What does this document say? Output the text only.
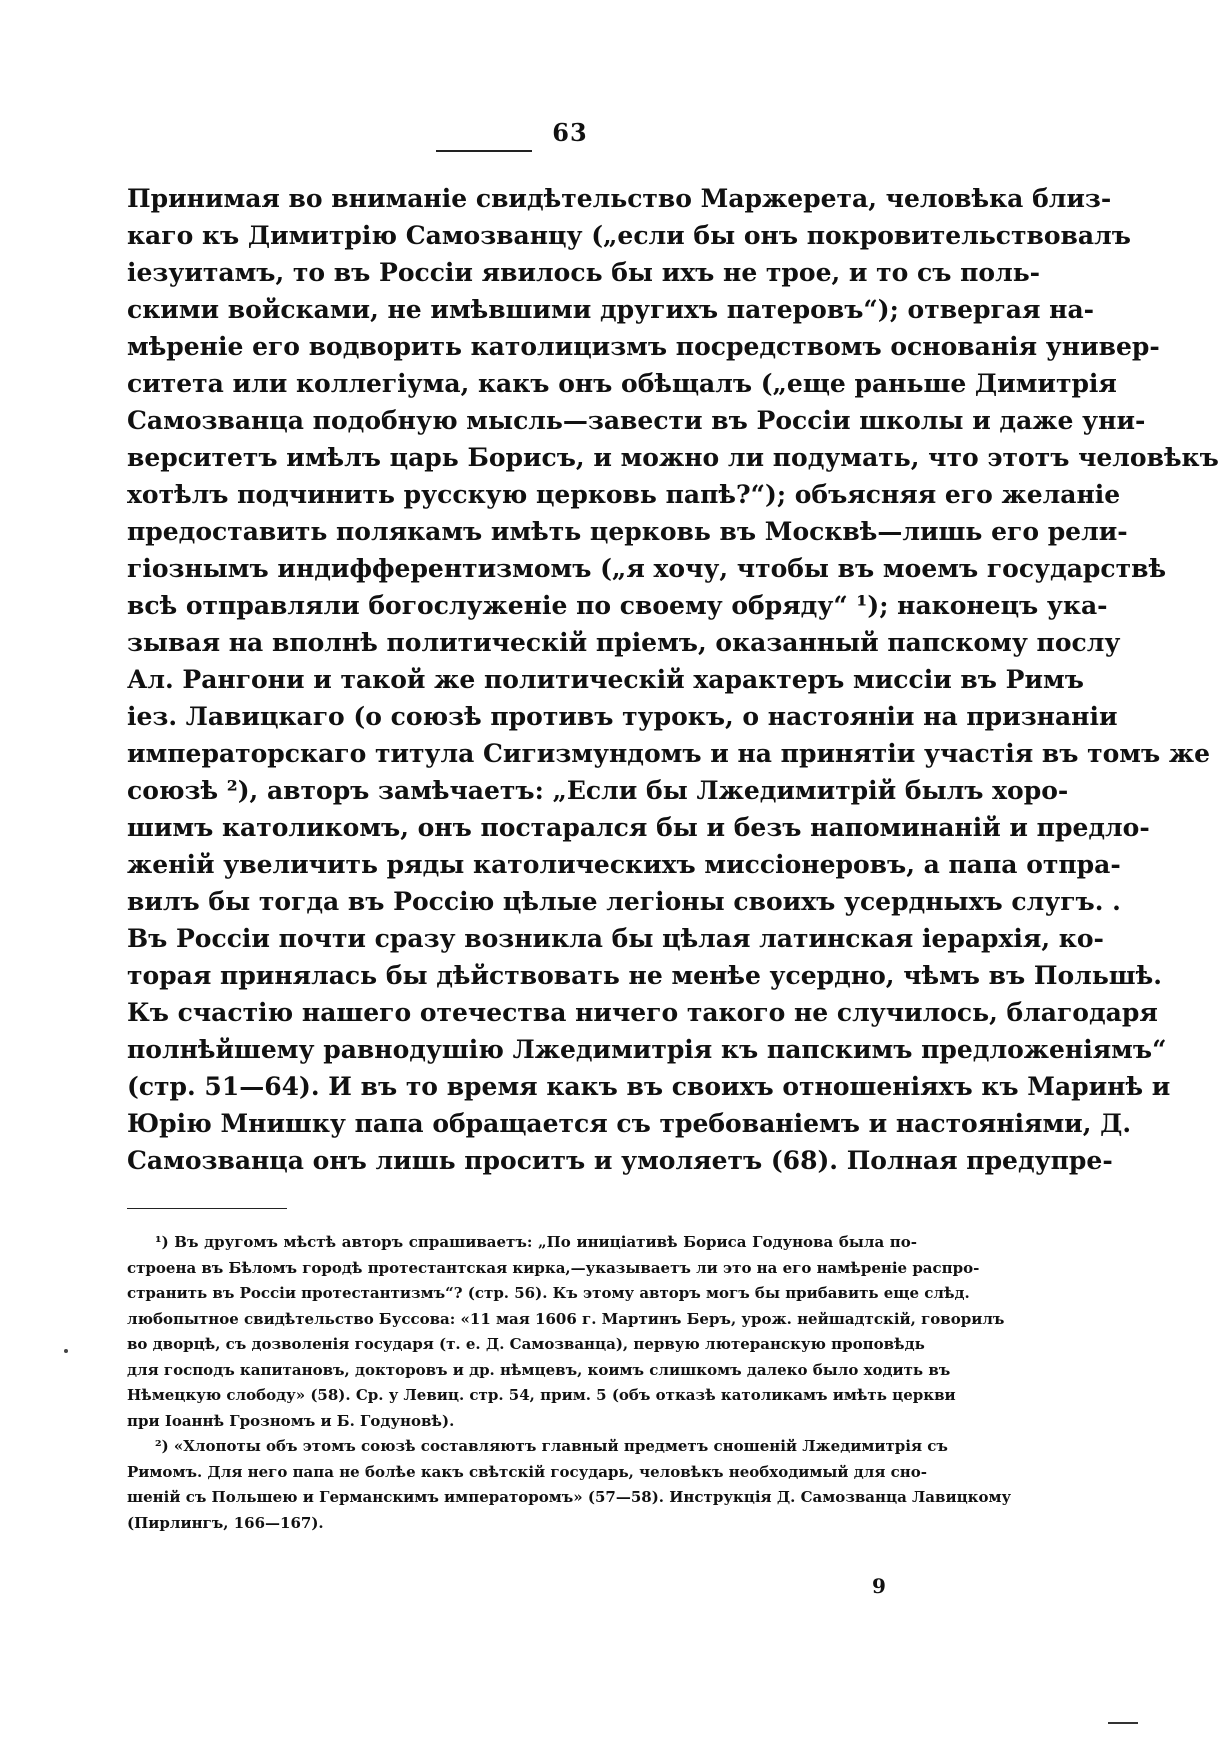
63
Принимая во вниманіе свидѣтельство Маржерета, человѣка близ-
каго къ Димитрію Самозванцу („если бы онъ покровительствовалъ
іезуитамъ, то въ Россіи явилось бы ихъ не трое, и то съ поль-
скими войсками, не имѣвшими другихъ патеровъ“); отвергая на-
мѣреніе его водворить католицизмъ посредствомъ основанія универ-
ситета или коллегіума, какъ онъ обѣщалъ („еще раньше Димитрія
Самозванца подобную мысль—завести въ Россіи школы и даже уни-
верситетъ имѣлъ царь Борисъ, и можно ли подумать, что этотъ человѣкъ
хотѣлъ подчинить русскую церковь папѣ?“); объясняя его желаніе
предоставить полякамъ имѣть церковь въ Москвѣ—лишь его рели-
гіознымъ индифферентизмомъ („я хочу, чтобы въ моемъ государствѣ
всѣ отправляли богослуженіе по своему обряду“ ¹); наконецъ ука-
зывая на вполнѣ политическій пріемъ, оказанный папскому послу
Ал. Рангони и такой же политическій характеръ миссіи въ Римъ
іез. Лавицкаго (о союзѣ противъ турокъ, о настояніи на признаніи
императорскаго титула Сигизмундомъ и на принятіи участія въ томъ же
союзѣ ²), авторъ замѣчаетъ: „Если бы Лжедимитрій былъ хоро-
шимъ католикомъ, онъ постарался бы и безъ напоминаній и предло-
женій увеличить ряды католическихъ миссіонеровъ, а папа отпра-
вилъ бы тогда въ Россію цѣлые легіоны своихъ усердныхъ слугъ. .
Въ Россіи почти сразу возникла бы цѣлая латинская іерархія, ко-
торая принялась бы дѣйствовать не менѣе усердно, чѣмъ въ Польшѣ.
Къ счастію нашего отечества ничего такого не случилось, благодаря
полнѣйшему равнодушію Лжедимитрія къ папскимъ предложеніямъ“
(стр. 51—64). И въ то время какъ въ своихъ отношеніяхъ къ Маринѣ и
Юрію Мнишку папа обращается съ требованіемъ и настояніями, Д.
Самозванца онъ лишь проситъ и умоляетъ (68). Полная предупре-
¹) Въ другомъ мѣстѣ авторъ спрашиваетъ: „По иниціативѣ Бориса Годунова была по-
строена въ Бѣломъ городѣ протестантская кирка,—указываетъ ли это на его намѣреніе распро-
странить въ Россіи протестантизмъ“? (стр. 56). Къ этому авторъ могъ бы прибавить еще слѣд.
любопытное свидѣтельство Буссова: «11 мая 1606 г. Мартинъ Беръ, урож. нейшадтскій, говорилъ
во дворцѣ, съ дозволенія государя (т. е. Д. Самозванца), первую лютеранскую проповѣдь
для господъ капитановъ, докторовъ и др. нѣмцевъ, коимъ слишкомъ далеко было ходить въ
Нѣмецкую слободу» (58). Ср. у Левиц. стр. 54, прим. 5 (объ отказѣ католикамъ имѣть церкви
при Іоаннѣ Грозномъ и Б. Годуновѣ).
²) «Хлопоты объ этомъ союзѣ составляютъ главный предметъ сношеній Лжедимитрія съ
Римомъ. Для него папа не болѣе какъ свѣтскій государь, человѣкъ необходимый для сно-
шеній съ Польшею и Германскимъ императоромъ» (57—58). Инструкція Д. Самозванца Лавицкому
(Пирлингъ, 166—167).
9
